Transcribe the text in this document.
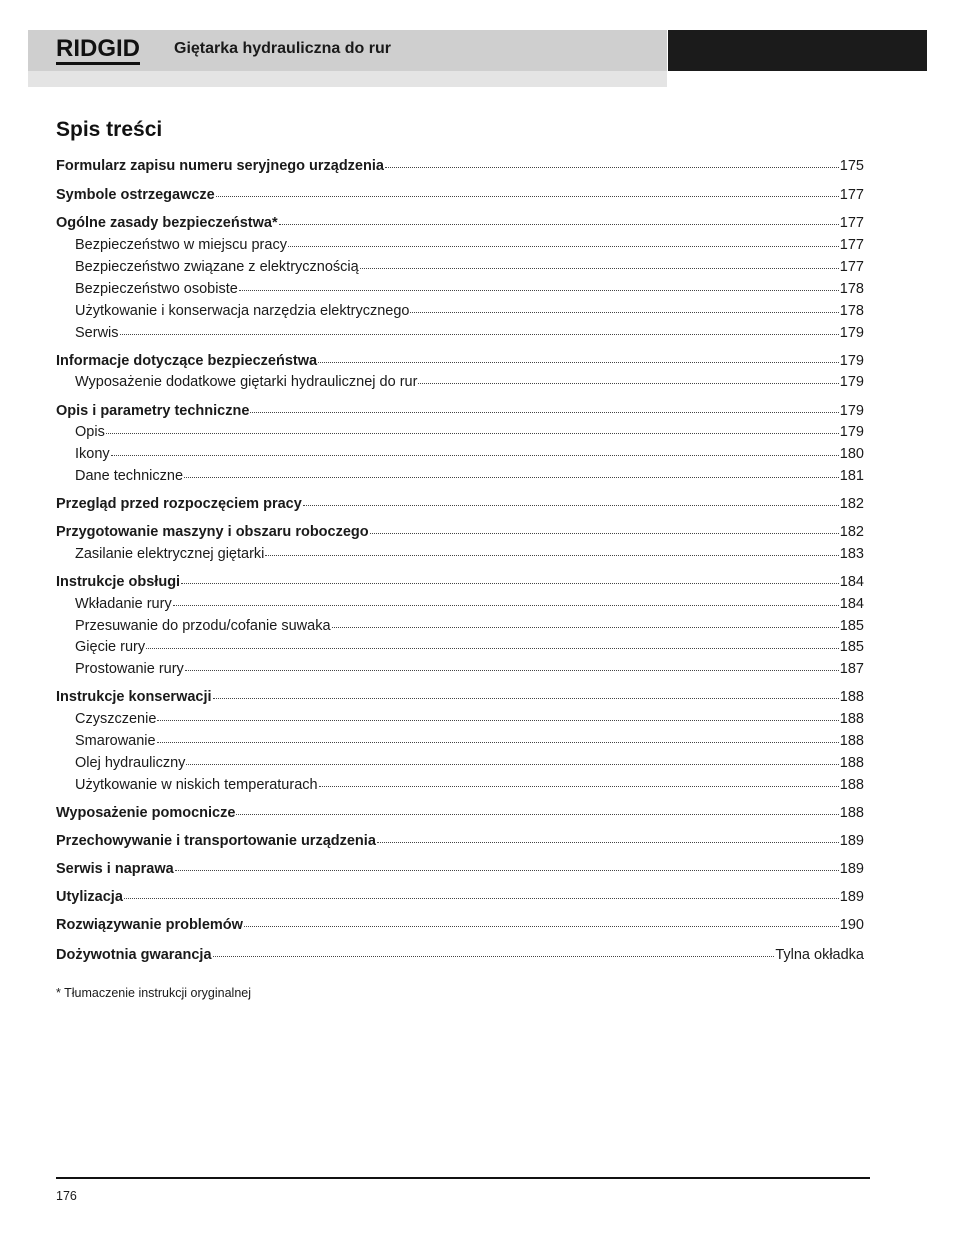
RIDGID Giętarka hydrauliczna do rur
Spis treści
Formularz zapisu numeru seryjnego urządzenia	175
Symbole ostrzegawcze	177
Ogólne zasady bezpieczeństwa*	177
Bezpieczeństwo w miejscu pracy	177
Bezpieczeństwo związane z elektrycznością	177
Bezpieczeństwo osobiste	178
Użytkowanie i konserwacja narzędzia elektrycznego	178
Serwis	179
Informacje dotyczące bezpieczeństwa	179
Wyposażenie dodatkowe giętarki hydraulicznej do rur	179
Opis i parametry techniczne	179
Opis	179
Ikony	180
Dane techniczne	181
Przegląd przed rozpoczęciem pracy	182
Przygotowanie maszyny i obszaru roboczego	182
Zasilanie elektrycznej giętarki	183
Instrukcje obsługi	184
Wkładanie rury	184
Przesuwanie do przodu/cofanie suwaka	185
Gięcie rury	185
Prostowanie rury	187
Instrukcje konserwacji	188
Czyszczenie	188
Smarowanie	188
Olej hydrauliczny	188
Użytkowanie w niskich temperaturach	188
Wyposażenie pomocnicze	188
Przechowywanie i transportowanie urządzenia	189
Serwis i naprawa	189
Utylizacja	189
Rozwiązywanie problemów	190
Dożywotnia gwarancja	Tylna okładka
* Tłumaczenie instrukcji oryginalnej
176
